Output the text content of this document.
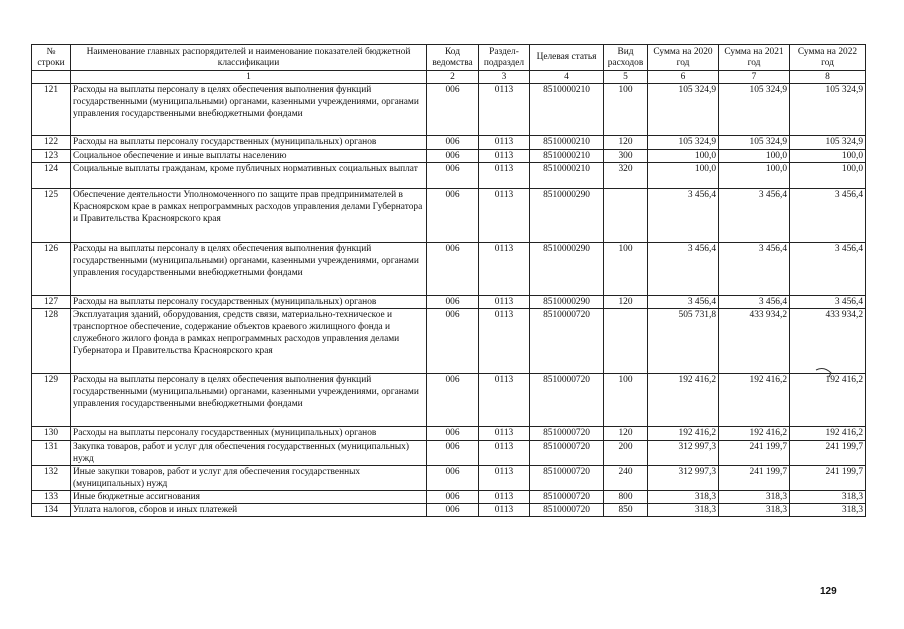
№ строки	Наименование главных распорядителей и наименование показателей бюджетной классификации	Код ведомства	Раздел-подраздел	Целевая статья	Вид расходов	Сумма на 2020 год	Сумма на 2021 год	Сумма на 2022 год
	1	2	3	4	5	6	7	8
121	Расходы на выплаты персоналу в целях обеспечения выполнения функций государственными (муниципальными) органами, казенными учреждениями, органами управления государственными внебюджетными фондами	006	0113	8510000210	100	105 324,9	105 324,9	105 324,9
122	Расходы на выплаты персоналу государственных (муниципальных) органов	006	0113	8510000210	120	105 324,9	105 324,9	105 324,9
123	Социальное обеспечение и иные выплаты населению	006	0113	8510000210	300	100,0	100,0	100,0
124	Социальные выплаты гражданам, кроме публичных нормативных социальных выплат	006	0113	8510000210	320	100,0	100,0	100,0
125	Обеспечение деятельности Уполномоченного по защите прав предпринимателей в Красноярском крае в рамках непрограммных расходов управления делами Губернатора и Правительства Красноярского края	006	0113	8510000290		3 456,4	3 456,4	3 456,4
126	Расходы на выплаты персоналу в целях обеспечения выполнения функций государственными (муниципальными) органами, казенными учреждениями, органами управления государственными внебюджетными фондами	006	0113	8510000290	100	3 456,4	3 456,4	3 456,4
127	Расходы на выплаты персоналу государственных (муниципальных) органов	006	0113	8510000290	120	3 456,4	3 456,4	3 456,4
128	Эксплуатация зданий, оборудования, средств связи, материально-техническое и транспортное обеспечение, содержание объектов краевого жилищного фонда и служебного жилого фонда в рамках непрограммных расходов управления делами Губернатора и Правительства Красноярского края	006	0113	8510000720		505 731,8	433 934,2	433 934,2
129	Расходы на выплаты персоналу в целях обеспечения выполнения функций государственными (муниципальными) органами, казенными учреждениями, органами управления государственными внебюджетными фондами	006	0113	8510000720	100	192 416,2	192 416,2	192 416,2
130	Расходы на выплаты персоналу государственных (муниципальных) органов	006	0113	8510000720	120	192 416,2	192 416,2	192 416,2
131	Закупка товаров, работ и услуг для обеспечения государственных (муниципальных) нужд	006	0113	8510000720	200	312 997,3	241 199,7	241 199,7
132	Иные закупки товаров, работ и услуг для обеспечения государственных (муниципальных) нужд	006	0113	8510000720	240	312 997,3	241 199,7	241 199,7
133	Иные бюджетные ассигнования	006	0113	8510000720	800	318,3	318,3	318,3
134	Уплата налогов, сборов и иных платежей	006	0113	8510000720	850	318,3	318,3	318,3
129
